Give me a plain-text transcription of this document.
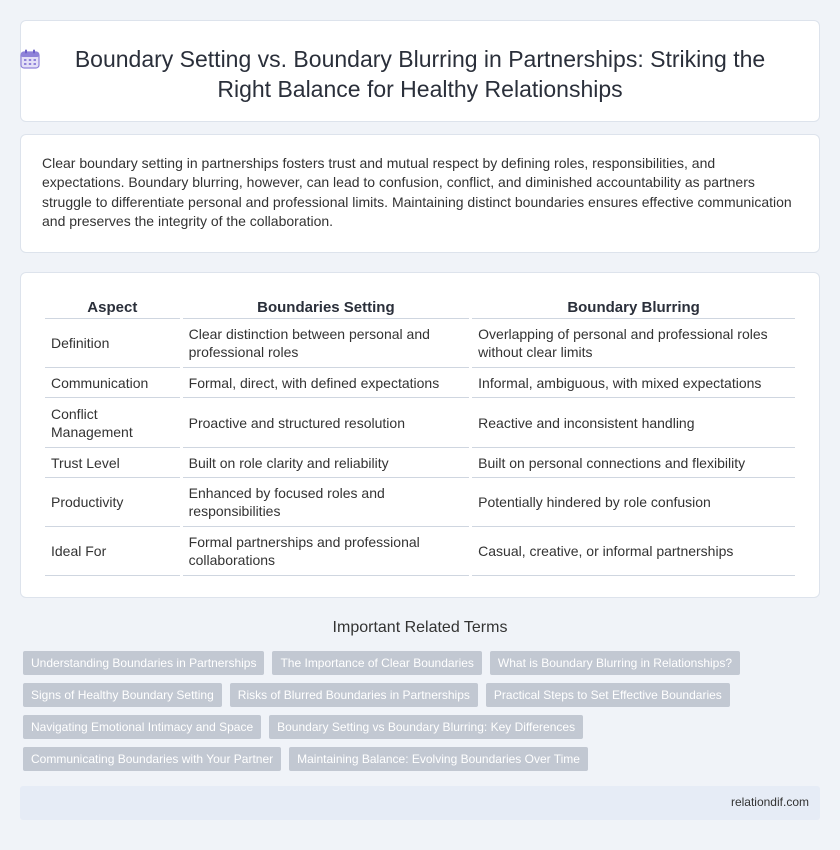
Boundary Setting vs. Boundary Blurring in Partnerships: Striking the Right Balance for Healthy Relationships

Clear boundary setting in partnerships fosters trust and mutual respect by defining roles, responsibilities, and expectations. Boundary blurring, however, can lead to confusion, conflict, and diminished accountability as partners struggle to differentiate personal and professional limits. Maintaining distinct boundaries ensures effective communication and preserves the integrity of the collaboration.

Aspect	Boundaries Setting	Boundary Blurring
Definition	Clear distinction between personal and professional roles	Overlapping of personal and professional roles without clear limits
Communication	Formal, direct, with defined expectations	Informal, ambiguous, with mixed expectations
Conflict Management	Proactive and structured resolution	Reactive and inconsistent handling
Trust Level	Built on role clarity and reliability	Built on personal connections and flexibility
Productivity	Enhanced by focused roles and responsibilities	Potentially hindered by role confusion
Ideal For	Formal partnerships and professional collaborations	Casual, creative, or informal partnerships
Important Related Terms
Understanding Boundaries in Partnerships	The Importance of Clear Boundaries	What is Boundary Blurring in Relationships?
Signs of Healthy Boundary Setting	Risks of Blurred Boundaries in Partnerships	Practical Steps to Set Effective Boundaries
Navigating Emotional Intimacy and Space	Boundary Setting vs Boundary Blurring: Key Differences
Communicating Boundaries with Your Partner	Maintaining Balance: Evolving Boundaries Over Time
relationdif.com
